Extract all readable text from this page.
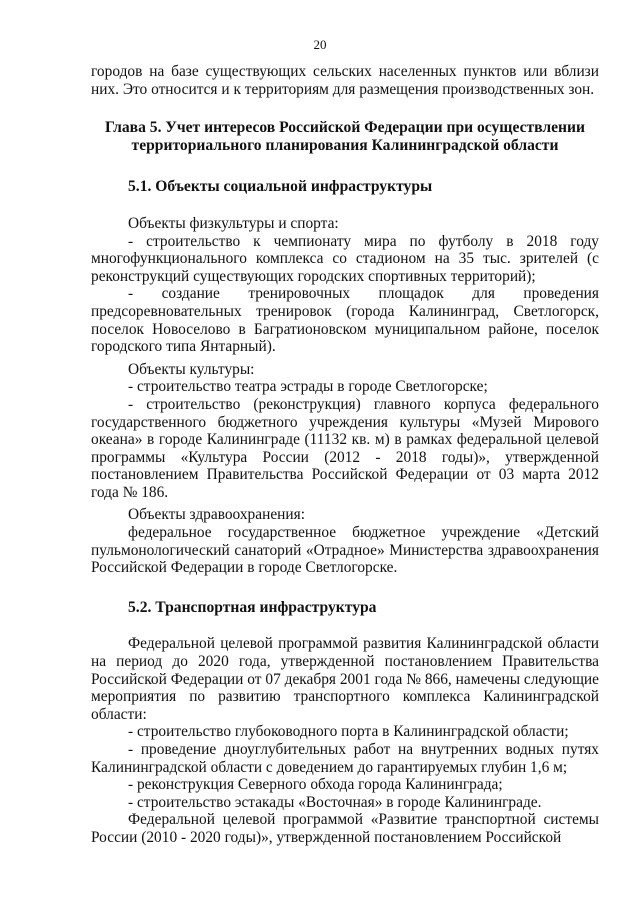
20

городов на базе существующих сельских населенных пунктов или вблизи них. Это относится и к территориям для размещения производственных зон.

Глава 5. Учет интересов Российской Федерации при осуществлении территориального планирования Калининградской области

5.1. Объекты социальной инфраструктуры

Объекты физкультуры и спорта:

- строительство к чемпионату мира по футболу в 2018 году многофункционального комплекса со стадионом на 35 тыс. зрителей (с реконструкций существующих городских спортивных территорий);

- создание тренировочных площадок для проведения предсоревновательных тренировок (города Калининград, Светлогорск, поселок Новоселово в Багратионовском муниципальном районе, поселок городского типа Янтарный).

Объекты культуры:

- строительство театра эстрады в городе Светлогорске;

- строительство (реконструкция) главного корпуса федерального государственного бюджетного учреждения культуры «Музей Мирового океана» в городе Калининграде (11132 кв. м) в рамках федеральной целевой программы «Культура России (2012 - 2018 годы)», утвержденной постановлением Правительства Российской Федерации от 03 марта 2012 года № 186.

Объекты здравоохранения:

федеральное государственное бюджетное учреждение «Детский пульмонологический санаторий «Отрадное» Министерства здравоохранения Российской Федерации в городе Светлогорске.

5.2. Транспортная инфраструктура

Федеральной целевой программой развития Калининградской области на период до 2020 года, утвержденной постановлением Правительства Российской Федерации от 07 декабря 2001 года № 866, намечены следующие мероприятия по развитию транспортного комплекса Калининградской области:

- строительство глубоководного порта в Калининградской области;

- проведение дноуглубительных работ на внутренних водных путях Калининградской области с доведением до гарантируемых глубин 1,6 м;

- реконструкция Северного обхода города Калининграда;

- строительство эстакады «Восточная» в городе Калининграде.

Федеральной целевой программой «Развитие транспортной системы России (2010 - 2020 годы)», утвержденной постановлением Российской
